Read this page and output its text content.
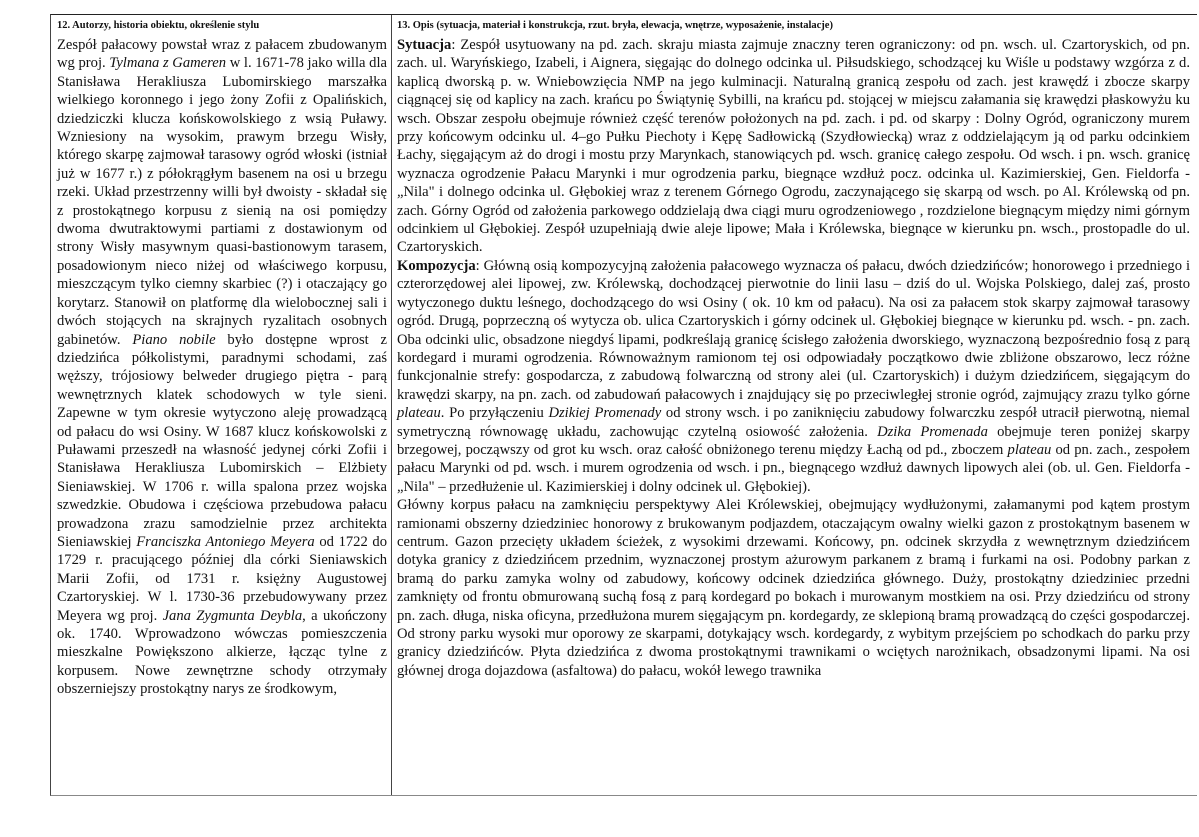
12. Autorzy, historia obiektu, określenie stylu

Zespół pałacowy powstał wraz z pałacem zbudowanym wg proj. Tylmana z Gameren w l. 1671-78 jako willa dla Stanisława Herakliusza Lubomirskiego marszałka wielkiego koronnego i jego żony Zofii z Opalińskich, dziedziczki klucza końskowolskiego z wsią Puławy. Wzniesiony na wysokim, prawym brzegu Wisły, którego skarpę zajmował tarasowy ogród włoski (istniał już w 1677 r.) z półokrągłym basenem na osi u brzegu rzeki. Układ przestrzenny willi był dwoisty - składał się z prostokątnego korpusu z sienią na osi pomiędzy dwoma dwutraktowymi partiami z dostawionym od strony Wisły masywnym quasi-bastionowym tarasem, posadowionym nieco niżej od właściwego korpusu, mieszczącym tylko ciemny skarbiec (?) i otaczający go korytarz. Stanowił on platformę dla wielobocznej sali i dwóch stojących na skrajnych ryzalitach osobnych gabinetów. Piano nobile było dostępne wprost z dziedzińca półkolistymi, paradnymi schodami, zaś węższy, trójosiowy belweder drugiego piętra - parą wewnętrznych klatek schodowych w tyle sieni. Zapewne w tym okresie wytyczono aleję prowadzącą od pałacu do wsi Osiny. W 1687 klucz końskowolski z Puławami przeszedł na własność jedynej córki Zofii i Stanisława Herakliusza Lubomirskich – Elżbiety Sieniawskiej. W 1706 r. willa spalona przez wojska szwedzkie. Obudowa i częściowa przebudowa pałacu prowadzona zrazu samodzielnie przez architekta Sieniawskiej Franciszka Antoniego Meyera od 1722 do 1729 r. pracującego później dla córki Sieniawskich Marii Zofii, od 1731 r. księżny Augustowej Czartoryskiej. W l. 1730-36 przebudowywany przez Meyera wg proj. Jana Zygmunta Deybla, a ukończony ok. 1740. Wprowadzono wówczas pomieszczenia mieszkalne Powiększono alkierze, łącząc tylne z korpusem. Nowe zewnętrzne schody otrzymały obszerniejszy prostokątny narys ze środkowym,

13. Opis (sytuacja, materiał i konstrukcja, rzut. bryła, elewacja, wnętrze, wyposażenie, instalacje)

Sytuacja: Zespół usytuowany na pd. zach. skraju miasta zajmuje znaczny teren ograniczony: od pn. wsch. ul. Czartoryskich, od pn. zach. ul. Waryńskiego, Izabeli, i Aignera, sięgając do dolnego odcinka ul. Piłsudskiego, schodzącej ku Wiśle u podstawy wzgórza z d. kaplicą dworską p. w. Wniebowzięcia NMP na jego kulminacji. Naturalną granicą zespołu od zach. jest krawędź i zbocze skarpy ciągnącej się od kaplicy na zach. krańcu po Świątynię Sybilli, na krańcu pd. stojącej w miejscu załamania się krawędzi płaskowyżu ku wsch. Obszar zespołu obejmuje również część terenów położonych na pd. zach. i pd. od skarpy : Dolny Ogród, ograniczony murem przy końcowym odcinku ul. 4–go Pułku Piechoty i Kępę Sadłowicką (Szydłowiecką) wraz z oddzielającym ją od parku odcinkiem Łachy, sięgającym aż do drogi i mostu przy Marynkach, stanowiących pd. wsch. granicę całego zespołu. Od wsch. i pn. wsch. granicę wyznacza ogrodzenie Pałacu Marynki i mur ogrodzenia parku, biegnące wzdłuż pocz. odcinka ul. Kazimierskiej, Gen. Fieldorfa - „Nila" i dolnego odcinka ul. Głębokiej wraz z terenem Górnego Ogrodu, zaczynającego się skarpą od wsch. po Al. Królewską od pn. zach. Górny Ogród od założenia parkowego oddzielają dwa ciągi muru ogrodzeniowego , rozdzielone biegnącym między nimi górnym odcinkiem ul Głębokiej. Zespół uzupełniają dwie aleje lipowe; Mała i Królewska, biegnące w kierunku pn. wsch., prostopadle do ul. Czartoryskich.

Kompozycja: Główną osią kompozycyjną założenia pałacowego wyznacza oś pałacu, dwóch dziedzińców; honorowego i przedniego i czterorzędowej alei lipowej, zw. Królewską, dochodzącej pierwotnie do linii lasu – dziś do ul. Wojska Polskiego, dalej zaś, prosto wytyczonego duktu leśnego, dochodzącego do wsi Osiny ( ok. 10 km od pałacu). Na osi za pałacem stok skarpy zajmował tarasowy ogród. Drugą, poprzeczną oś wytycza ob. ulica Czartoryskich i górny odcinek ul. Głębokiej biegnące w kierunku pd. wsch. - pn. zach. Oba odcinki ulic, obsadzone niegdyś lipami, podkreślają granicę ścisłego założenia dworskiego, wyznaczoną bezpośrednio fosą z parą kordegard i murami ogrodzenia. Równoważnym ramionom tej osi odpowiadały początkowo dwie zbliżone obszarowo, lecz różne funkcjonalnie strefy: gospodarcza, z zabudową folwarczną od strony alei (ul. Czartoryskich) i dużym dziedzińcem, sięgającym do krawędzi skarpy, na pn. zach. od zabudowań pałacowych i znajdujący się po przeciwległej stronie ogród, zajmujący zrazu tylko górne plateau. Po przyłączeniu Dzikiej Promenady od strony wsch. i po zaniknięciu zabudowy folwarczku zespół utracił pierwotną, niemal symetryczną równowagę układu, zachowując czytelną osiowość założenia. Dzika Promenada obejmuje teren poniżej skarpy brzegowej, począwszy od grot ku wsch. oraz całość obniżonego terenu między Łachą od pd., zboczem plateau od pn. zach., zespołem pałacu Marynki od pd. wsch. i murem ogrodzenia od wsch. i pn., biegnącego wzdłuż dawnych lipowych alei (ob. ul. Gen. Fieldorfa - „Nila" – przedłużenie ul. Kazimierskiej i dolny odcinek ul. Głębokiej).

Główny korpus pałacu na zamknięciu perspektywy Alei Królewskiej, obejmujący wydłużonymi, załamanymi pod kątem prostym ramionami obszerny dziedziniec honorowy z brukowanym podjazdem, otaczającym owalny wielki gazon z prostokątnym basenem w centrum. Gazon przecięty układem ścieżek, z wysokimi drzewami. Końcowy, pn. odcinek skrzydła z wewnętrznym dziedzińcem dotyka granicy z dziedzińcem przednim, wyznaczonej prostym ażurowym parkanem z bramą i furkami na osi. Podobny parkan z bramą do parku zamyka wolny od zabudowy, końcowy odcinek dziedzińca głównego. Duży, prostokątny dziedziniec przedni zamknięty od frontu obmurowaną suchą fosą z parą kordegard po bokach i murowanym mostkiem na osi. Przy dziedzińcu od strony pn. zach. długa, niska oficyna, przedłużona murem sięgającym pn. kordegardy, ze sklepioną bramą prowadzącą do części gospodarczej. Od strony parku wysoki mur oporowy ze skarpami, dotykający wsch. kordegardy, z wybitym przejściem po schodkach do parku przy granicy dziedzińców. Płyta dziedzińca z dwoma prostokątnymi trawnikami o wciętych narożnikach, obsadzonymi lipami. Na osi głównej droga dojazdowa (asfaltowa) do pałacu, wokół lewego trawnika
